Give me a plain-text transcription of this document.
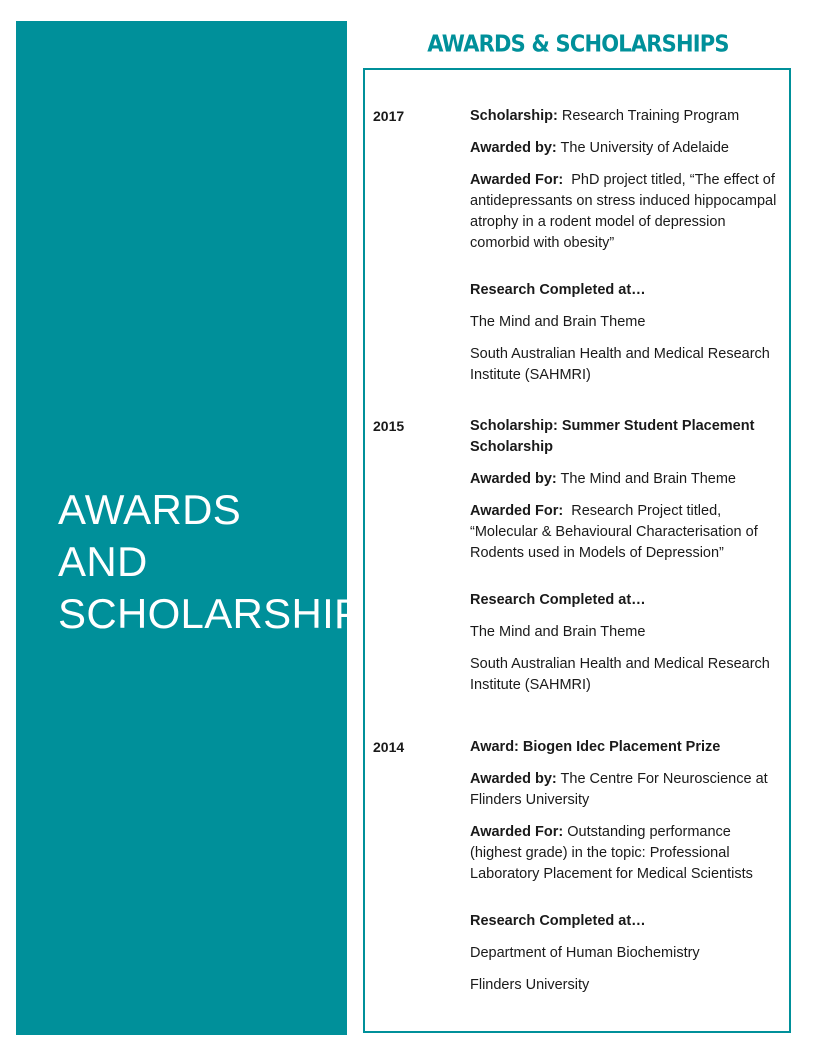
AWARDS AND
SCHOLARSHIP
AWARDS & SCHOLARSHIPS
2017	Scholarship: Research Training Program

Awarded by: The University of Adelaide

Awarded For: PhD project titled, “The effect of antidepressants on stress induced hippocampal atrophy in a rodent model of depression comorbid with obesity”

Research Completed at…

The Mind and Brain Theme

South Australian Health and Medical Research Institute (SAHMRI)

2015	Scholarship: Summer Student Placement Scholarship

Awarded by: The Mind and Brain Theme

Awarded For: Research Project titled, “Molecular & Behavioural Characterisation of Rodents used in Models of Depression”

Research Completed at…

The Mind and Brain Theme

South Australian Health and Medical Research Institute (SAHMRI)

2014	Award: Biogen Idec Placement Prize

Awarded by: The Centre For Neuroscience at Flinders University

Awarded For: Outstanding performance (highest grade) in the topic: Professional Laboratory Placement for Medical Scientists

Research Completed at…

Department of Human Biochemistry

Flinders University
